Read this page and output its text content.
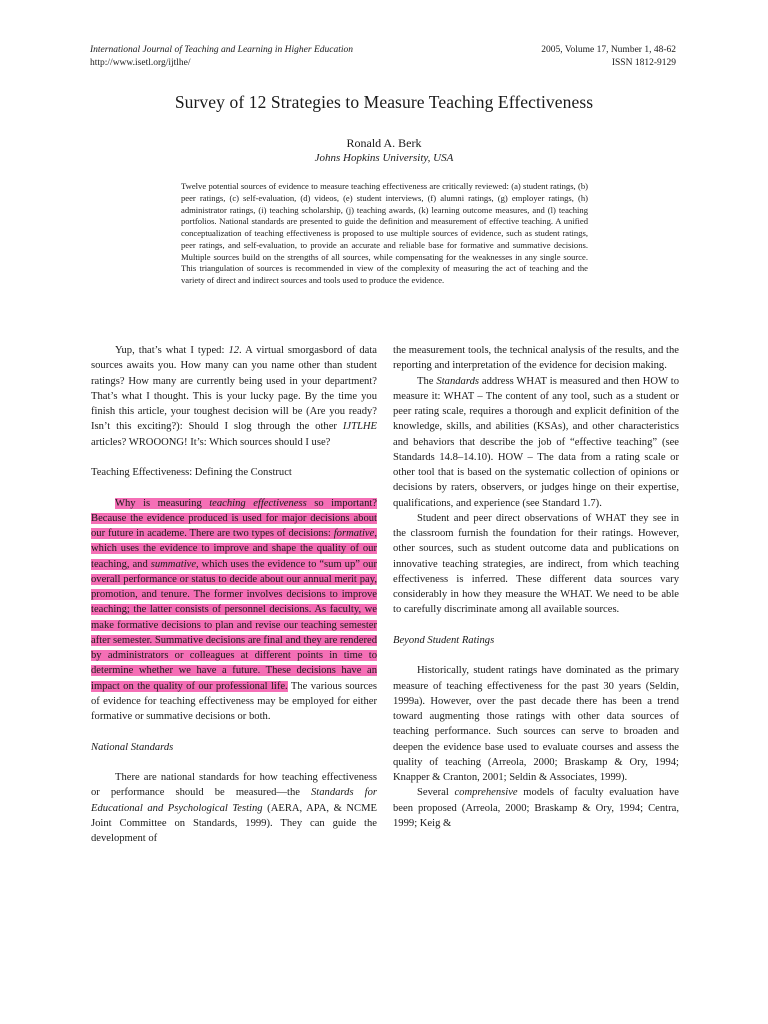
International Journal of Teaching and Learning in Higher Education
http://www.isetl.org/ijtlhe/
2005, Volume 17, Number 1, 48-62
ISSN 1812-9129
Survey of 12 Strategies to Measure Teaching Effectiveness
Ronald A. Berk
Johns Hopkins University, USA

Twelve potential sources of evidence to measure teaching effectiveness are critically reviewed: (a) student ratings, (b) peer ratings, (c) self-evaluation, (d) videos, (e) student interviews, (f) alumni ratings, (g) employer ratings, (h) administrator ratings, (i) teaching scholarship, (j) teaching awards, (k) learning outcome measures, and (l) teaching portfolios. National standards are presented to guide the definition and measurement of effective teaching. A unified conceptualization of teaching effectiveness is proposed to use multiple sources of evidence, such as student ratings, peer ratings, and self-evaluation, to provide an accurate and reliable base for formative and summative decisions. Multiple sources build on the strengths of all sources, while compensating for the weaknesses in any single source. This triangulation of sources is recommended in view of the complexity of measuring the act of teaching and the variety of direct and indirect sources and tools used to produce the evidence.

Yup, that’s what I typed: 12. A virtual smorgasbord of data sources awaits you. How many can you name other than student ratings? How many are currently being used in your department? That’s what I thought. This is your lucky page. By the time you finish this article, your toughest decision will be (Are you ready? Isn’t this exciting?): Should I slog through the other IJTLHE articles? WROOONG! It’s: Which sources should I use?

Teaching Effectiveness: Defining the Construct

Why is measuring teaching effectiveness so important? Because the evidence produced is used for major decisions about our future in academe. There are two types of decisions: formative, which uses the evidence to improve and shape the quality of our teaching, and summative, which uses the evidence to “sum up” our overall performance or status to decide about our annual merit pay, promotion, and tenure. The former involves decisions to improve teaching; the latter consists of personnel decisions. As faculty, we make formative decisions to plan and revise our teaching semester after semester. Summative decisions are final and they are rendered by administrators or colleagues at different points in time to determine whether we have a future. These decisions have an impact on the quality of our professional life. The various sources of evidence for teaching effectiveness may be employed for either formative or summative decisions or both.

National Standards

There are national standards for how teaching effectiveness or performance should be measured—the Standards for Educational and Psychological Testing (AERA, APA, & NCME Joint Committee on Standards, 1999). They can guide the development of

the measurement tools, the technical analysis of the results, and the reporting and interpretation of the evidence for decision making.

The Standards address WHAT is measured and then HOW to measure it: WHAT – The content of any tool, such as a student or peer rating scale, requires a thorough and explicit definition of the knowledge, skills, and abilities (KSAs), and other characteristics and behaviors that describe the job of “effective teaching” (see Standards 14.8–14.10). HOW – The data from a rating scale or other tool that is based on the systematic collection of opinions or decisions by raters, observers, or judges hinge on their expertise, qualifications, and experience (see Standard 1.7).

Student and peer direct observations of WHAT they see in the classroom furnish the foundation for their ratings. However, other sources, such as student outcome data and publications on innovative teaching strategies, are indirect, from which teaching effectiveness is inferred. These different data sources vary considerably in how they measure the WHAT. We need to be able to carefully discriminate among all available sources.

Beyond Student Ratings

Historically, student ratings have dominated as the primary measure of teaching effectiveness for the past 30 years (Seldin, 1999a). However, over the past decade there has been a trend toward augmenting those ratings with other data sources of teaching performance. Such sources can serve to broaden and deepen the evidence base used to evaluate courses and assess the quality of teaching (Arreola, 2000; Braskamp & Ory, 1994; Knapper & Cranton, 2001; Seldin & Associates, 1999).

Several comprehensive models of faculty evaluation have been proposed (Arreola, 2000; Braskamp & Ory, 1994; Centra, 1999; Keig &
